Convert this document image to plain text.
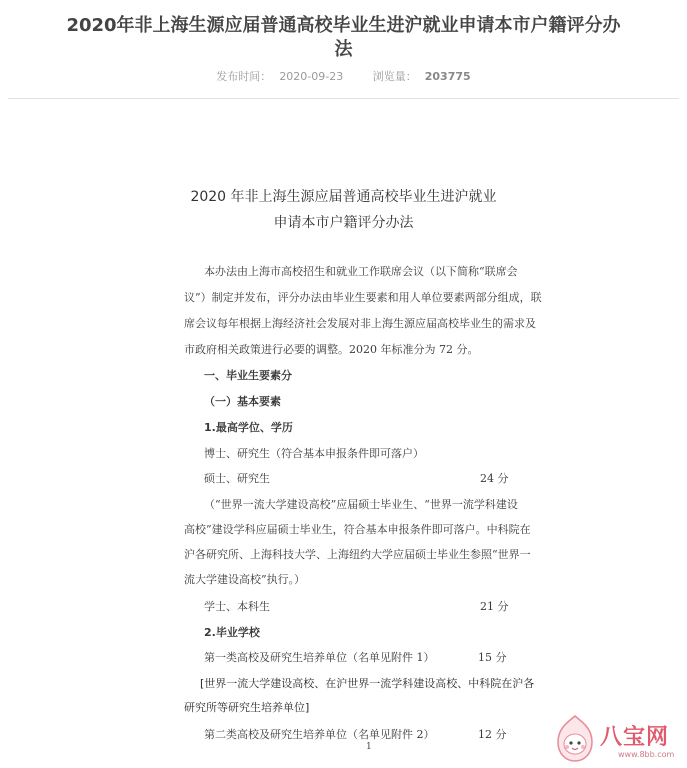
2020年非上海生源应届普通高校毕业生进沪就业申请本市户籍评分办法
发布时间： 2020-09-23	浏览量： 203775
2020 年非上海生源应届普通高校毕业生进沪就业
申请本市户籍评分办法
本办法由上海市高校招生和就业工作联席会议（以下简称“联席会
议”）制定并发布，评分办法由毕业生要素和用人单位要素两部分组成，联
席会议每年根据上海经济社会发展对非上海生源应届高校毕业生的需求及
市政府相关政策进行必要的调整。2020 年标准分为 72 分。
一、毕业生要素分
（一）基本要素
1.最高学位、学历
博士、研究生（符合基本申报条件即可落户）
硕士、研究生	24 分
（“世界一流大学建设高校”应届硕士毕业生、“世界一流学科建设
高校”建设学科应届硕士毕业生，符合基本申报条件即可落户。中科院在
沪各研究所、上海科技大学、上海纽约大学应届硕士毕业生参照“世界一
流大学建设高校”执行。）
学士、本科生	21 分
2.毕业学校
第一类高校及研究生培养单位（名单见附件 1）	15 分
[世界一流大学建设高校、在沪世界一流学科建设高校、中科院在沪各
研究所等研究生培养单位]
第二类高校及研究生培养单位（名单见附件 2）	12 分
1	八宝网
www.8bb.com
